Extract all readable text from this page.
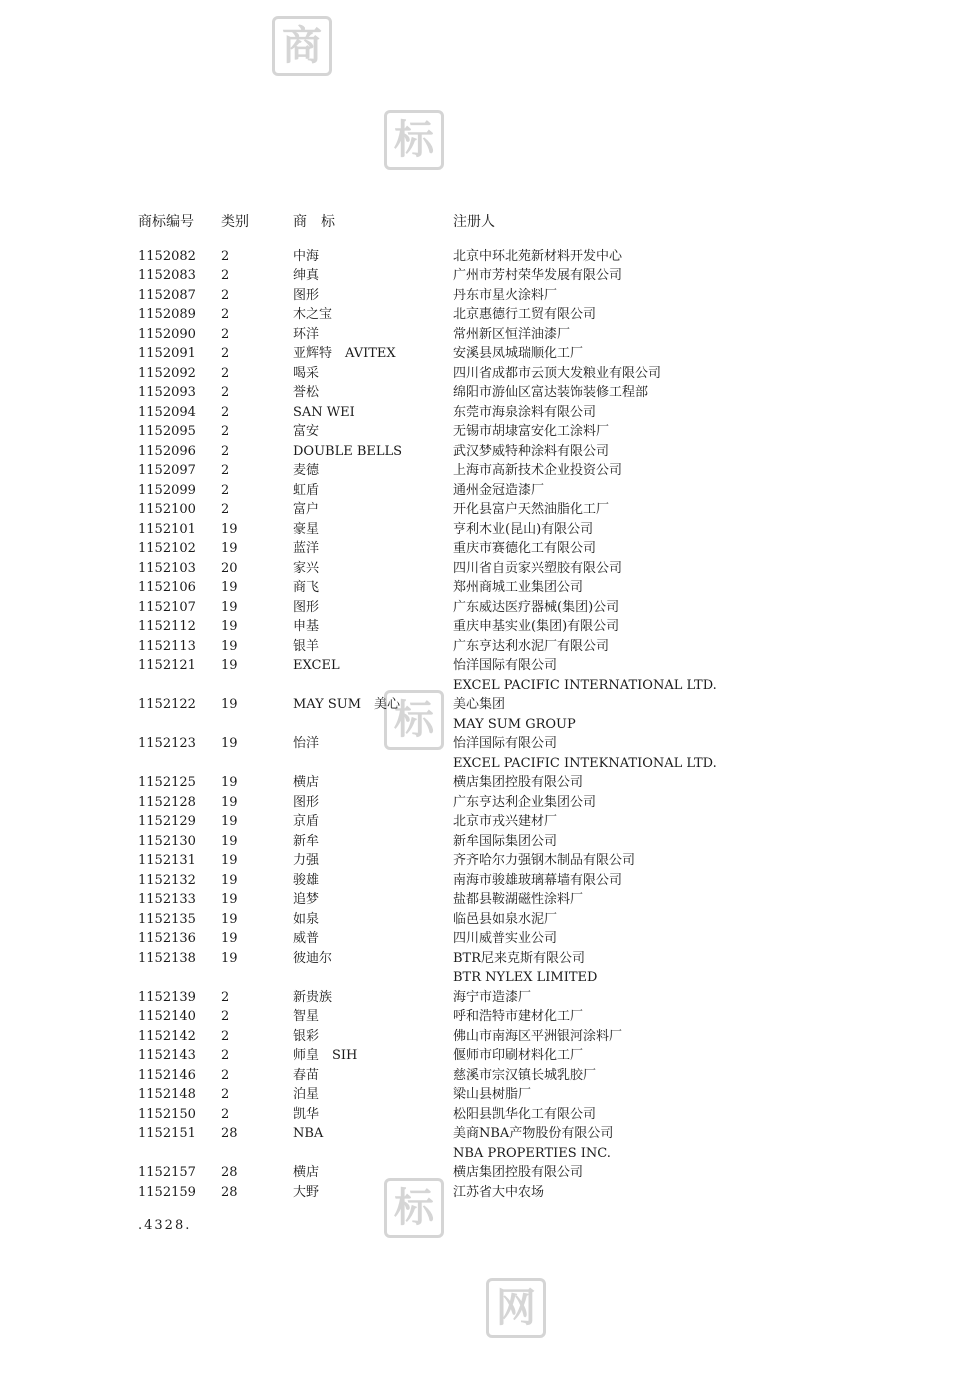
商
标
标
标
网
商标编号	类别	商　标	注册人
1152082	2	中海	北京中环北苑新材料开发中心
1152083	2	绅真	广州市芳村荣华发展有限公司
1152087	2	图形	丹东市星火涂料厂
1152089	2	木之宝	北京惠德行工贸有限公司
1152090	2	环洋	常州新区恒洋油漆厂
1152091	2	亚辉特　AVITEX	安溪县凤城瑞顺化工厂
1152092	2	喝采	四川省成都市云顶大发粮业有限公司
1152093	2	誉松	绵阳市游仙区富达装饰装修工程部
1152094	2	SAN WEI	东莞市海泉涂料有限公司
1152095	2	富安	无锡市胡埭富安化工涂料厂
1152096	2	DOUBLE BELLS	武汉梦威特种涂料有限公司
1152097	2	麦德	上海市高新技术企业投资公司
1152099	2	虹盾	通州金冠造漆厂
1152100	2	富户	开化县富户天然油脂化工厂
1152101	19	豪星	亨利木业(昆山)有限公司
1152102	19	蓝洋	重庆市赛德化工有限公司
1152103	20	家兴	四川省自贡家兴塑胶有限公司
1152106	19	商飞	郑州商城工业集团公司
1152107	19	图形	广东威达医疗器械(集团)公司
1152112	19	申基	重庆申基实业(集团)有限公司
1152113	19	银羊	广东亨达利水泥厂有限公司
1152121	19	EXCEL	怡洋国际有限公司
EXCEL PACIFIC INTERNATIONAL LTD.
1152122	19	MAY SUM　美心	美心集团
MAY SUM GROUP
1152123	19	怡洋	怡洋国际有限公司
EXCEL PACIFIC INTEKNATIONAL LTD.
1152125	19	横店	横店集团控股有限公司
1152128	19	图形	广东亨达利企业集团公司
1152129	19	京盾	北京市戎兴建材厂
1152130	19	新牟	新牟国际集团公司
1152131	19	力强	齐齐哈尔力强钢木制品有限公司
1152132	19	骏雄	南海市骏雄玻璃幕墙有限公司
1152133	19	追梦	盐都县鞍湖磁性涂料厂
1152135	19	如泉	临邑县如泉水泥厂
1152136	19	威普	四川威普实业公司
1152138	19	彼迪尔	BTR尼来克斯有限公司
BTR NYLEX LIMITED
1152139	2	新贵族	海宁市造漆厂
1152140	2	智星	呼和浩特市建材化工厂
1152142	2	银彩	佛山市南海区平洲银河涂料厂
1152143	2	师皇　SIH	偃师市印刷材料化工厂
1152146	2	春苗	慈溪市宗汉镇长城乳胶厂
1152148	2	泊星	梁山县树脂厂
1152150	2	凯华	松阳县凯华化工有限公司
1152151	28	NBA	美商NBA产物股份有限公司
NBA PROPERTIES INC.
1152157	28	横店	横店集团控股有限公司
1152159	28	大野	江苏省大中农场
.4328.
